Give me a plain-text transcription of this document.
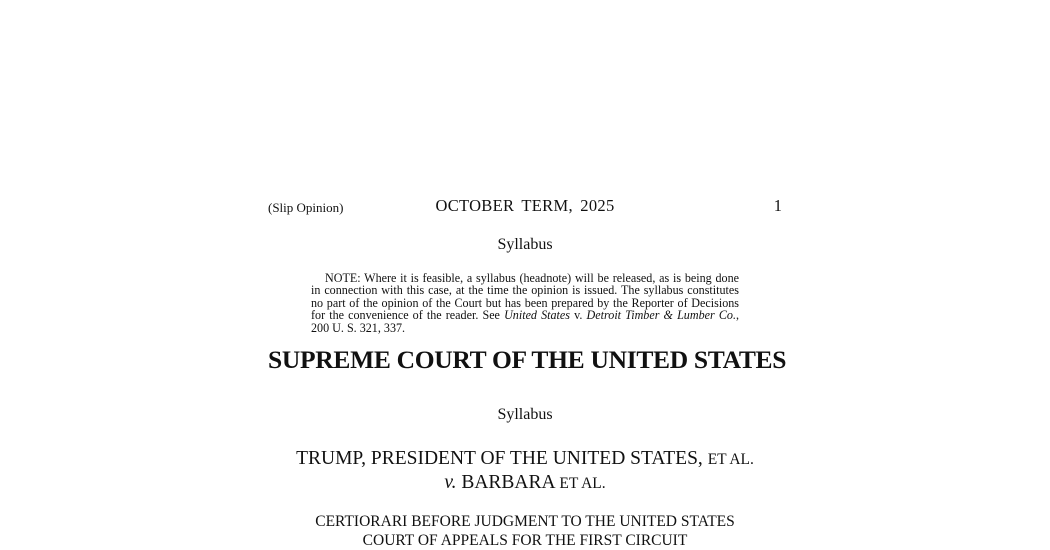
(Slip Opinion)	OCTOBER TERM, 2025	1
Syllabus
NOTE: Where it is feasible, a syllabus (headnote) will be released, as is being done in connection with this case, at the time the opinion is issued. The syllabus constitutes no part of the opinion of the Court but has been prepared by the Reporter of Decisions for the convenience of the reader. See United States v. Detroit Timber & Lumber Co., 200 U. S. 321, 337.
SUPREME COURT OF THE UNITED STATES
Syllabus
TRUMP, PRESIDENT OF THE UNITED STATES, ET AL.
v. BARBARA ET AL.
CERTIORARI BEFORE JUDGMENT TO THE UNITED STATES
COURT OF APPEALS FOR THE FIRST CIRCUIT
